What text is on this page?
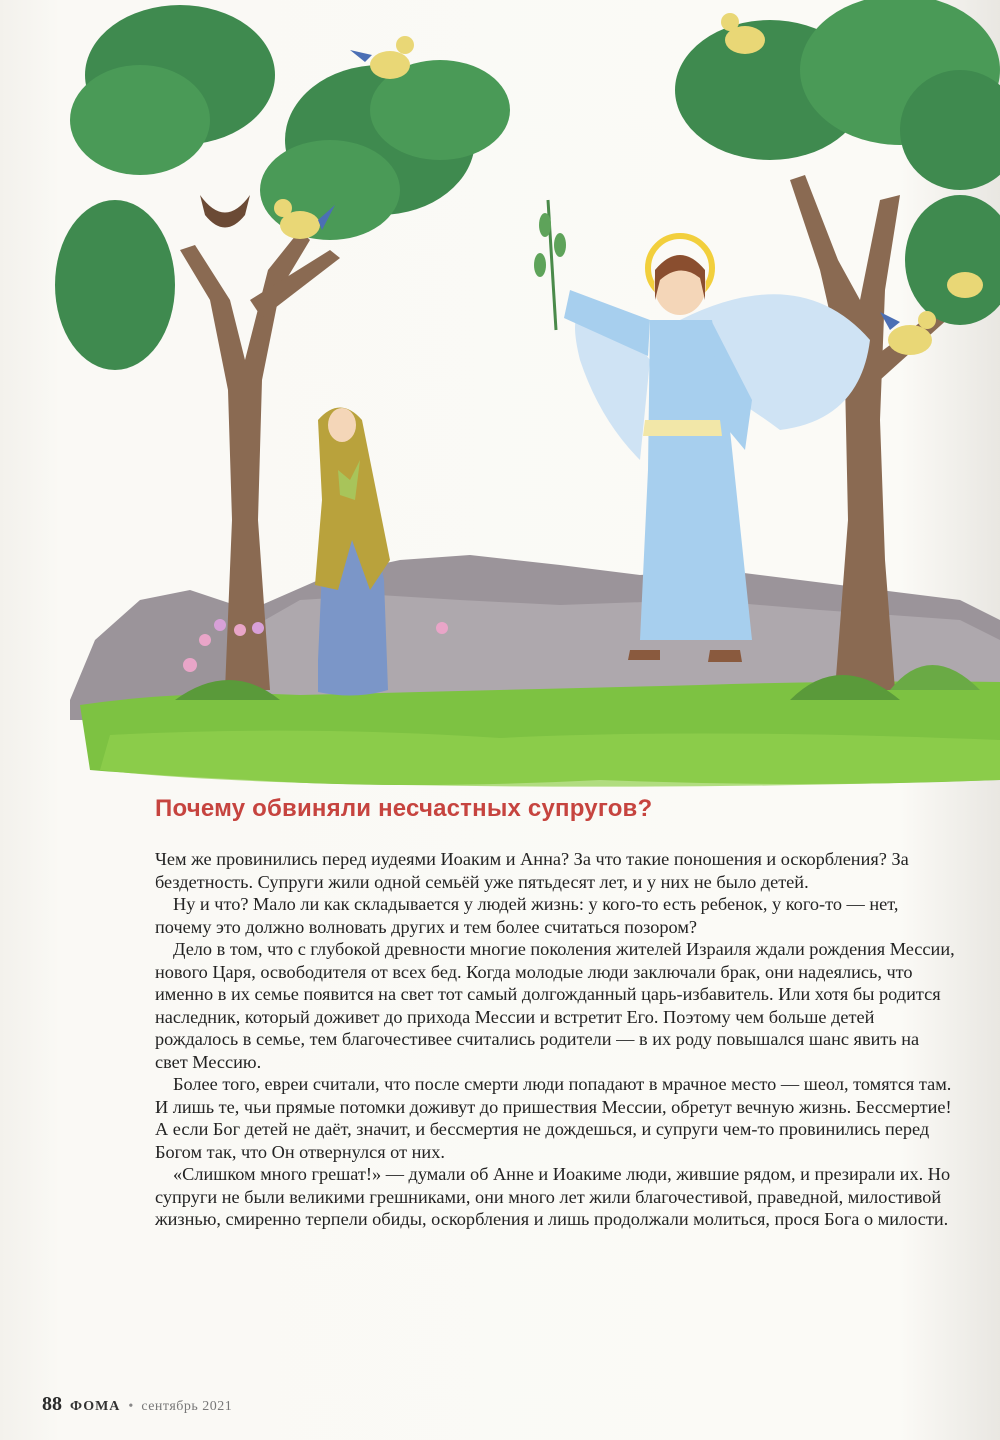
Почему обвиняли несчастных супругов?

Чем же провинились перед иудеями Иоаким и Анна? За что такие поношения и оскорбления? За бездетность. Супруги жили одной семьёй уже пятьдесят лет, и у них не было детей.

Ну и что? Мало ли как складывается у людей жизнь: у кого-то есть ребенок, у кого-то — нет, почему это должно волновать других и тем более считаться позором?

Дело в том, что с глубокой древности многие поколения жителей Израиля ждали рождения Мессии, нового Царя, освободителя от всех бед. Когда молодые люди заключали брак, они надеялись, что именно в их семье появится на свет тот самый долгожданный царь-избавитель. Или хотя бы родится наследник, который доживет до прихода Мессии и встретит Его. Поэтому чем больше детей рождалось в семье, тем благочестивее считались родители — в их роду повышался шанс явить на свет Мессию.

Более того, евреи считали, что после смерти люди попадают в мрачное место — шеол, томятся там. И лишь те, чьи прямые потомки доживут до пришествия Мессии, обретут вечную жизнь. Бессмертие! А если Бог детей не даёт, значит, и бессмертия не дождешься, и супруги чем-то провинились перед Богом так, что Он отвернулся от них.

«Слишком много грешат!» — думали об Анне и Иоакиме люди, жившие рядом, и презирали их. Но супруги не были великими грешниками, они много лет жили благочестивой, праведной, милостивой жизнью, смиренно терпели обиды, оскорбления и лишь продолжали молиться, прося Бога о милости.

88 ФОМА • сентябрь 2021
